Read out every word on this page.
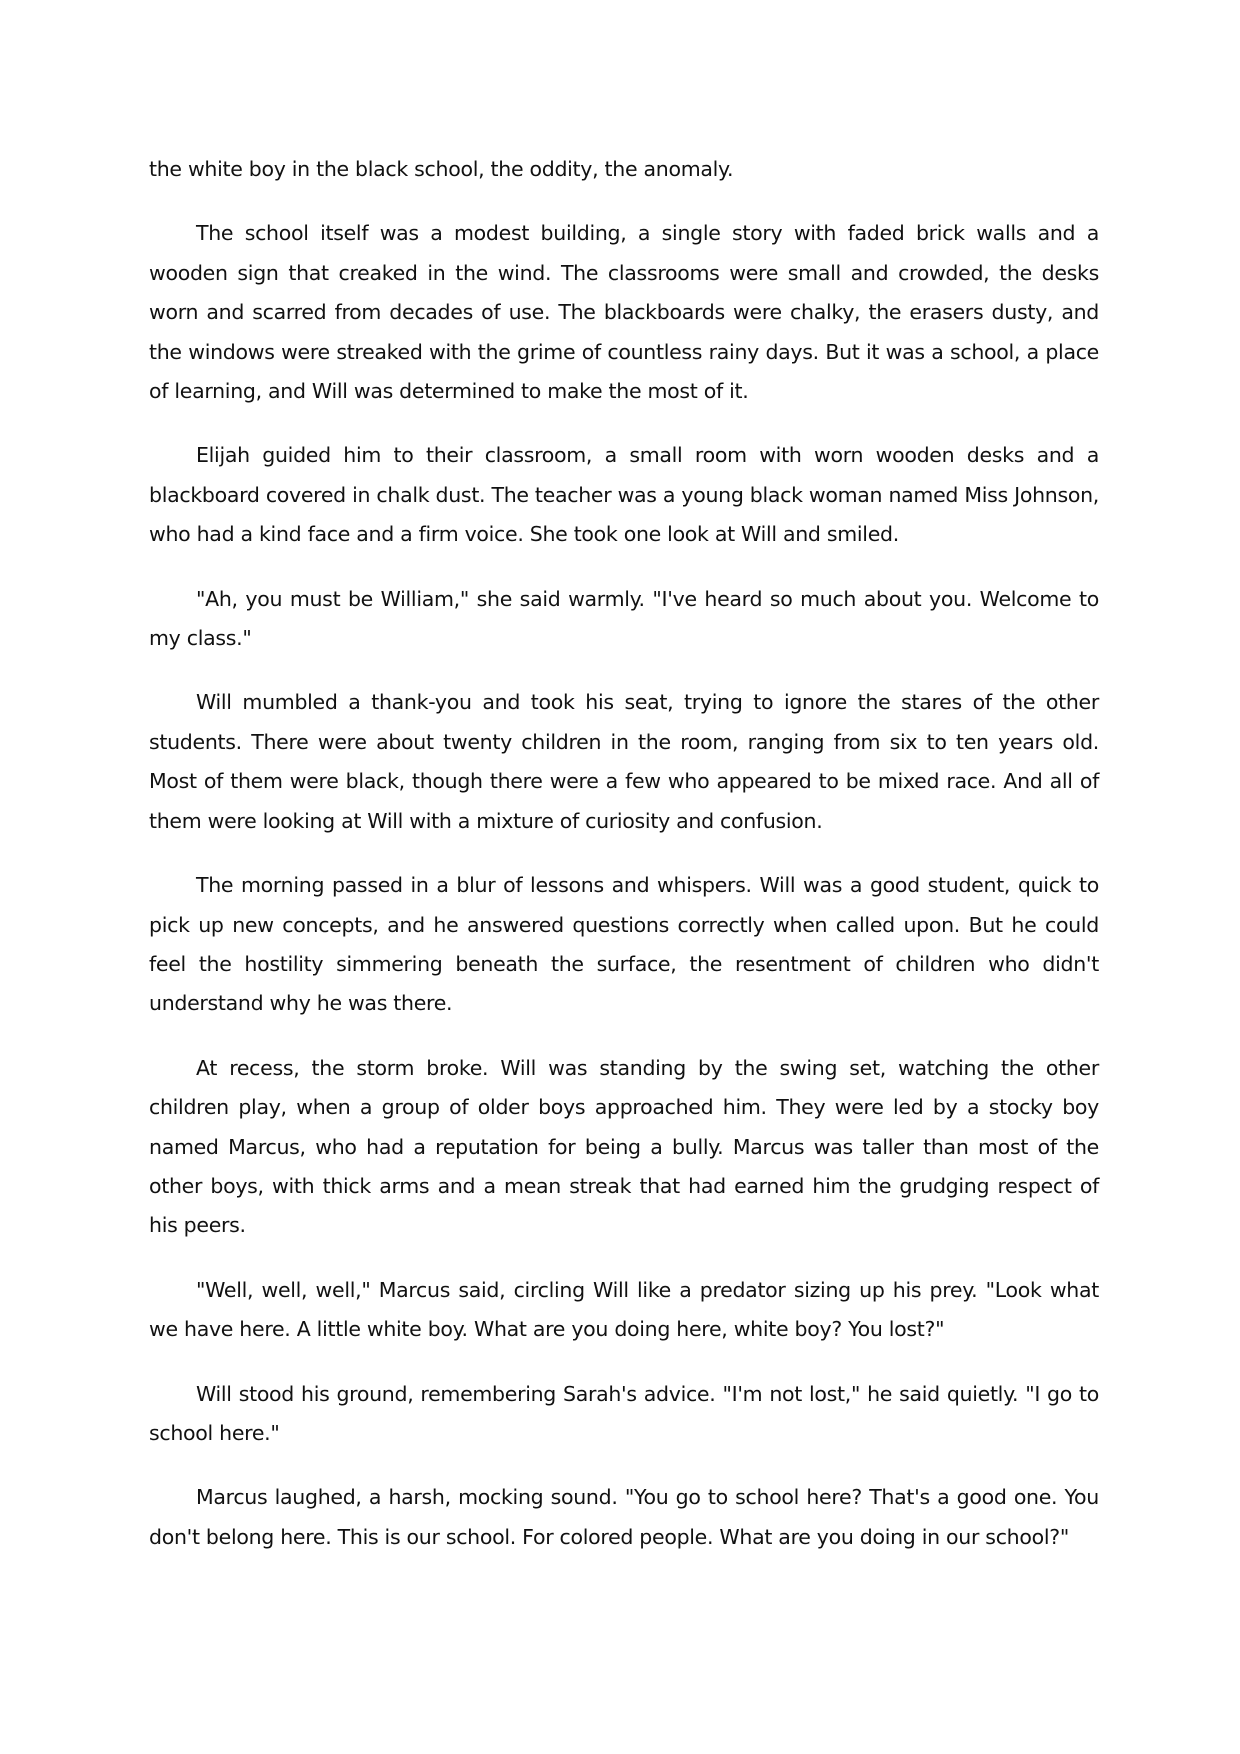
the white boy in the black school, the oddity, the anomaly.

The school itself was a modest building, a single story with faded brick walls and a wooden sign that creaked in the wind. The classrooms were small and crowded, the desks worn and scarred from decades of use. The blackboards were chalky, the erasers dusty, and the windows were streaked with the grime of countless rainy days. But it was a school, a place of learning, and Will was determined to make the most of it.

Elijah guided him to their classroom, a small room with worn wooden desks and a blackboard covered in chalk dust. The teacher was a young black woman named Miss Johnson, who had a kind face and a firm voice. She took one look at Will and smiled.

"Ah, you must be William," she said warmly. "I've heard so much about you. Welcome to my class."

Will mumbled a thank-you and took his seat, trying to ignore the stares of the other students. There were about twenty children in the room, ranging from six to ten years old. Most of them were black, though there were a few who appeared to be mixed race. And all of them were looking at Will with a mixture of curiosity and confusion.

The morning passed in a blur of lessons and whispers. Will was a good student, quick to pick up new concepts, and he answered questions correctly when called upon. But he could feel the hostility simmering beneath the surface, the resentment of children who didn't understand why he was there.

At recess, the storm broke. Will was standing by the swing set, watching the other children play, when a group of older boys approached him. They were led by a stocky boy named Marcus, who had a reputation for being a bully. Marcus was taller than most of the other boys, with thick arms and a mean streak that had earned him the grudging respect of his peers.

"Well, well, well," Marcus said, circling Will like a predator sizing up his prey. "Look what we have here. A little white boy. What are you doing here, white boy? You lost?"

Will stood his ground, remembering Sarah's advice. "I'm not lost," he said quietly. "I go to school here."

Marcus laughed, a harsh, mocking sound. "You go to school here? That's a good one. You don't belong here. This is our school. For colored people. What are you doing in our school?"
